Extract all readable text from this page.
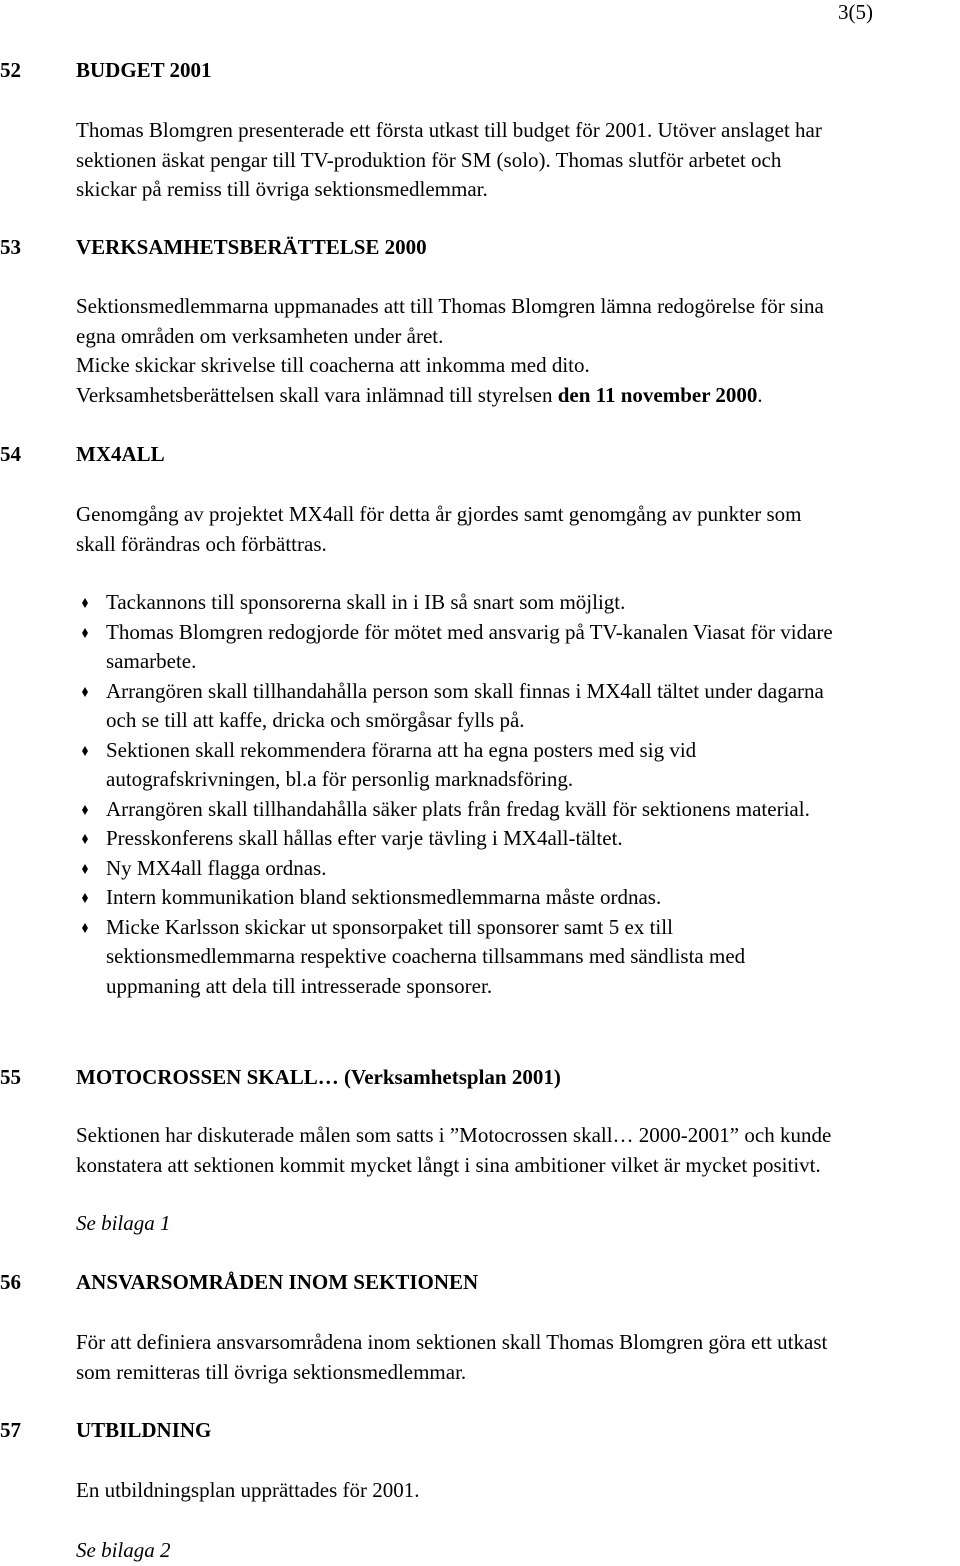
3(5)
52	BUDGET 2001
Thomas Blomgren presenterade ett första utkast till budget för 2001. Utöver anslaget har
sektionen äskat pengar till TV-produktion för SM (solo). Thomas slutför arbetet och
skickar på remiss till övriga sektionsmedlemmar.
53	VERKSAMHETSBERÄTTELSE 2000
Sektionsmedlemmarna uppmanades att till Thomas Blomgren lämna redogörelse för sina
egna områden om verksamheten under året.
Micke skickar skrivelse till coacherna att inkomma med dito.
Verksamhetsberättelsen skall vara inlämnad till styrelsen den 11 november 2000.
54	MX4ALL
Genomgång av projektet MX4all för detta år gjordes samt genomgång av punkter som
skall förändras och förbättras.
Tackannons till sponsorerna skall in i IB så snart som möjligt.
Thomas Blomgren redogjorde för mötet med ansvarig på TV-kanalen Viasat för vidare
samarbete.
Arrangören skall tillhandahålla person som skall finnas i MX4all tältet under dagarna
och se till att kaffe, dricka och smörgåsar fylls på.
Sektionen skall rekommendera förarna att ha egna posters med sig vid
autografskrivningen, bl.a för personlig marknadsföring.
Arrangören skall tillhandahålla säker plats från fredag kväll för sektionens material.
Presskonferens skall hållas efter varje tävling i MX4all-tältet.
Ny MX4all flagga ordnas.
Intern kommunikation bland sektionsmedlemmarna måste ordnas.
Micke Karlsson skickar ut sponsorpaket till sponsorer samt 5 ex till
sektionsmedlemmarna respektive coacherna tillsammans med sändlista med
uppmaning att dela till intresserade sponsorer.
55	MOTOCROSSEN SKALL… (Verksamhetsplan 2001)
Sektionen har diskuterade målen som satts i ”Motocrossen skall… 2000-2001” och kunde
konstatera att sektionen kommit mycket långt i sina ambitioner vilket är mycket positivt.
Se bilaga 1
56	ANSVARSOMRÅDEN INOM SEKTIONEN
För att definiera ansvarsområdena inom sektionen skall Thomas Blomgren göra ett utkast
som remitteras till övriga sektionsmedlemmar.
57	UTBILDNING
En utbildningsplan upprättades för 2001.
Se bilaga 2
